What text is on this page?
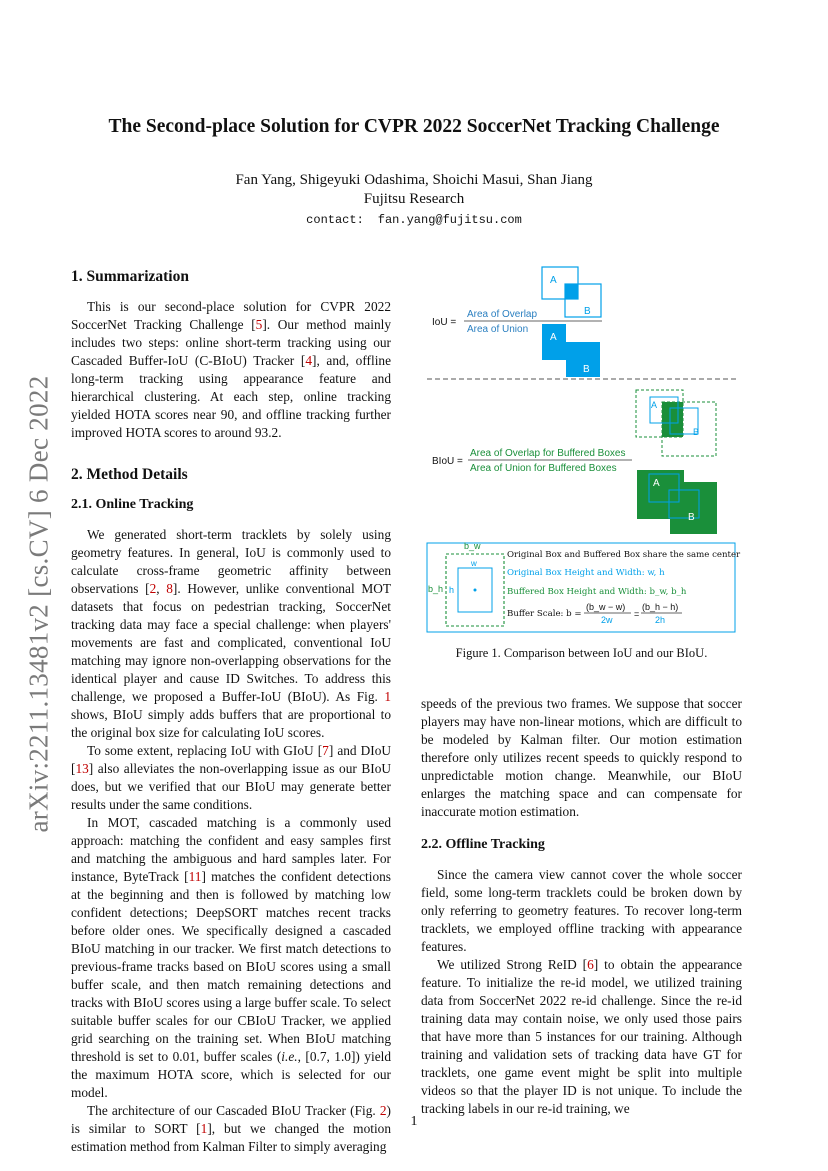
arXiv:2211.13481v2 [cs.CV] 6 Dec 2022
The Second-place Solution for CVPR 2022 SoccerNet Tracking Challenge
Fan Yang, Shigeyuki Odashima, Shoichi Masui, Shan Jiang
Fujitsu Research
contact: fan.yang@fujitsu.com
1. Summarization

This is our second-place solution for CVPR 2022 SoccerNet Tracking Challenge [5]. Our method mainly includes two steps: online short-term tracking using our Cascaded Buffer-IoU (C-BIoU) Tracker [4], and, offline long-term tracking using appearance feature and hierarchical clustering. At each step, online tracking yielded HOTA scores near 90, and offline tracking further improved HOTA scores to around 93.2.

2. Method Details
2.1. Online Tracking

We generated short-term tracklets by solely using geometry features. In general, IoU is commonly used to calculate cross-frame geometric affinity between observations [2, 8]. However, unlike conventional MOT datasets that focus on pedestrian tracking, SoccerNet tracking data may face a special challenge: when players' movements are fast and complicated, conventional IoU matching may ignore non-overlapping observations for the identical player and cause ID Switches. To address this challenge, we proposed a Buffer-IoU (BIoU). As Fig. 1 shows, BIoU simply adds buffers that are proportional to the original box size for calculating IoU scores.

To some extent, replacing IoU with GIoU [7] and DIoU [13] also alleviates the non-overlapping issue as our BIoU does, but we verified that our BIoU may generate better results under the same conditions.

In MOT, cascaded matching is a commonly used approach: matching the confident and easy samples first and matching the ambiguous and hard samples later. For instance, ByteTrack [11] matches the confident detections at the beginning and then is followed by matching low confident detections; DeepSORT matches recent tracks before older ones. We specifically designed a cascaded BIoU matching in our tracker. We first match detections to previous-frame tracks based on BIoU scores using a small buffer scale, and then match remaining detections and tracks with BIoU scores using a large buffer scale. To select suitable buffer scales for our CBIoU Tracker, we applied grid searching on the training set. When BIoU matching threshold is set to 0.01, buffer scales (i.e., [0.7, 1.0]) yield the maximum HOTA score, which is selected for our model.

The architecture of our Cascaded BIoU Tracker (Fig. 2) is similar to SORT [1], but we changed the motion estimation method from Kalman Filter to simply averaging

A
B
IoU =
Area of Overlap
Area of Union
A
B
A
B
BIoU =
Area of Overlap for Buffered Boxes
Area of Union for Buffered Boxes
A
B
b_w
w
b_h h
Original Box and Buffered Box share the same center
Original Box Height and Width: w, h
Buffered Box Height and Width: b_w, b_h
Buffer Scale: b =
(b_w − w)
2w
=
(b_h − h)
2h
Figure 1. Comparison between IoU and our BIoU.

speeds of the previous two frames. We suppose that soccer players may have non-linear motions, which are difficult to be modeled by Kalman filter. Our motion estimation therefore only utilizes recent speeds to quickly respond to unpredictable motion change. Meanwhile, our BIoU enlarges the matching space and can compensate for inaccurate motion estimation.

2.2. Offline Tracking

Since the camera view cannot cover the whole soccer field, some long-term tracklets could be broken down by only referring to geometry features. To recover long-term tracklets, we employed offline tracking with appearance features.

We utilized Strong ReID [6] to obtain the appearance feature. To initialize the re-id model, we utilized training data from SoccerNet 2022 re-id challenge. Since the re-id training data may contain noise, we only used those pairs that have more than 5 instances for our training. Although training and validation sets of tracking data have GT for tracklets, one game event might be split into multiple videos so that the player ID is not unique. To include the tracking labels in our re-id training, we

1
